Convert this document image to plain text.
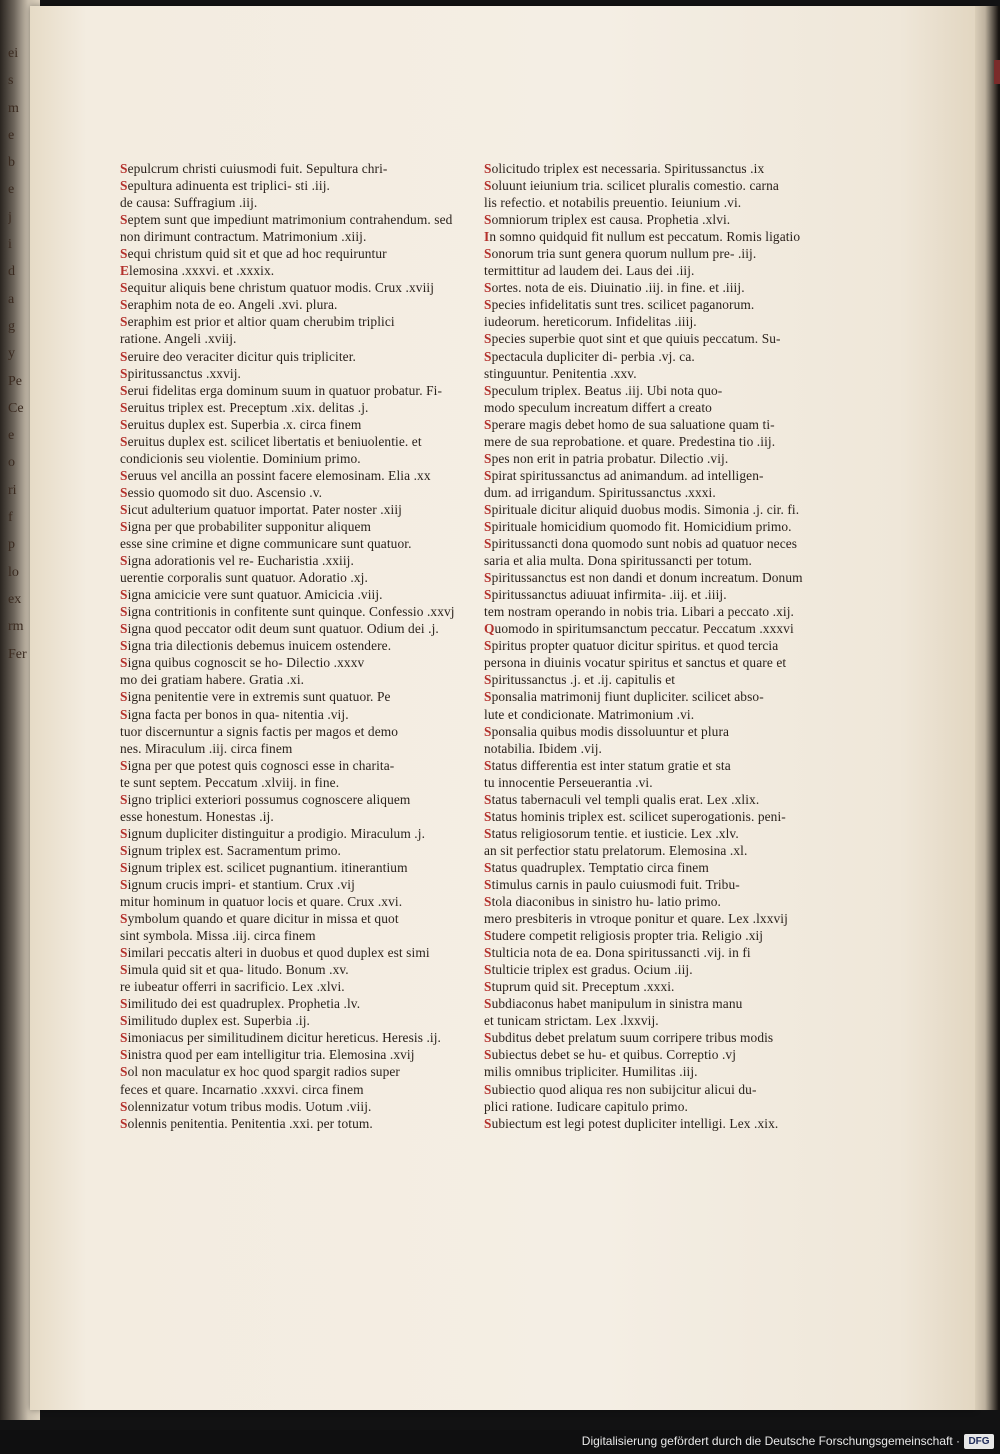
ei
s
m
e
b
e
j
i
d
a
g
y
Pe
Ce
e
o
ri
f
p
lo
ex
rm
Fer
Sepulcrum christi cuiusmodi fuit. Sepultura chri-
Sepultura adinuenta est triplici- sti .iij.
de causa: Suffragium .iij.
Septem sunt que impediunt matrimonium contrahendum. sed
non dirimunt contractum. Matrimonium .xiij.
Sequi christum quid sit et que ad hoc requiruntur
Elemosina .xxxvi. et .xxxix.
Sequitur aliquis bene christum quatuor modis. Crux .xviij
Seraphim nota de eo. Angeli .xvi. plura.
Seraphim est prior et altior quam cherubim triplici
ratione. Angeli .xviij.
Seruire deo veraciter dicitur quis tripliciter.
Spiritussanctus .xxvij.
Serui fidelitas erga dominum suum in quatuor probatur. Fi-
Seruitus triplex est. Preceptum .xix. delitas .j.
Seruitus duplex est. Superbia .x. circa finem
Seruitus duplex est. scilicet libertatis et beniuolentie. et
condicionis seu violentie. Dominium primo.
Seruus vel ancilla an possint facere elemosinam. Elia .xx
Sessio quomodo sit duo. Ascensio .v.
Sicut adulterium quatuor importat. Pater noster .xiij
Signa per que probabiliter supponitur aliquem
esse sine crimine et digne communicare sunt quatuor.
Signa adorationis vel re- Eucharistia .xxiij.
uerentie corporalis sunt quatuor. Adoratio .xj.
Signa amicicie vere sunt quatuor. Amicicia .viij.
Signa contritionis in confitente sunt quinque. Confessio .xxvj
Signa quod peccator odit deum sunt quatuor. Odium dei .j.
Signa tria dilectionis debemus inuicem ostendere.
Signa quibus cognoscit se ho- Dilectio .xxxv
mo dei gratiam habere. Gratia .xi.
Signa penitentie vere in extremis sunt quatuor. Pe
Signa facta per bonos in qua- nitentia .vij.
tuor discernuntur a signis factis per magos et demo
nes. Miraculum .iij. circa finem
Signa per que potest quis cognosci esse in charita-
te sunt septem. Peccatum .xlviij. in fine.
Signo triplici exteriori possumus cognoscere aliquem
esse honestum. Honestas .ij.
Signum dupliciter distinguitur a prodigio. Miraculum .j.
Signum triplex est. Sacramentum primo.
Signum triplex est. scilicet pugnantium. itinerantium
Signum crucis impri- et stantium. Crux .vij
mitur hominum in quatuor locis et quare. Crux .xvi.
Symbolum quando et quare dicitur in missa et quot
sint symbola. Missa .iij. circa finem
Similari peccatis alteri in duobus et quod duplex est simi
Simula quid sit et qua- litudo. Bonum .xv.
re iubeatur offerri in sacrificio. Lex .xlvi.
Similitudo dei est quadruplex. Prophetia .lv.
Similitudo duplex est. Superbia .ij.
Simoniacus per similitudinem dicitur hereticus. Heresis .ij.
Sinistra quod per eam intelligitur tria. Elemosina .xvij
Sol non maculatur ex hoc quod spargit radios super
feces et quare. Incarnatio .xxxvi. circa finem
Solennizatur votum tribus modis. Uotum .viij.
Solennis penitentia. Penitentia .xxi. per totum.
Solicitudo triplex est necessaria. Spiritussanctus .ix
Soluunt ieiunium tria. scilicet pluralis comestio. carna
lis refectio. et notabilis preuentio. Ieiunium .vi.
Somniorum triplex est causa. Prophetia .xlvi.
In somno quidquid fit nullum est peccatum. Romis ligatio
Sonorum tria sunt genera quorum nullum pre- .iij.
termittitur ad laudem dei. Laus dei .iij.
Sortes. nota de eis. Diuinatio .iij. in fine. et .iiij.
Species infidelitatis sunt tres. scilicet paganorum.
iudeorum. hereticorum. Infidelitas .iiij.
Species superbie quot sint et que quiuis peccatum. Su-
Spectacula dupliciter di- perbia .vj. ca.
stinguuntur. Penitentia .xxv.
Speculum triplex. Beatus .iij. Ubi nota quo-
modo speculum increatum differt a creato
Sperare magis debet homo de sua saluatione quam ti-
mere de sua reprobatione. et quare. Predestina tio .iij.
Spes non erit in patria probatur. Dilectio .vij.
Spirat spiritussanctus ad animandum. ad intelligen-
dum. ad irrigandum. Spiritussanctus .xxxi.
Spirituale dicitur aliquid duobus modis. Simonia .j. cir. fi.
Spirituale homicidium quomodo fit. Homicidium primo.
Spiritussancti dona quomodo sunt nobis ad quatuor neces
saria et alia multa. Dona spiritussancti per totum.
Spiritussanctus est non dandi et donum increatum. Donum
Spiritussanctus adiuuat infirmita- .iij. et .iiij.
tem nostram operando in nobis tria. Libari a peccato .xij.
Quomodo in spiritumsanctum peccatur. Peccatum .xxxvi
Spiritus propter quatuor dicitur spiritus. et quod tercia
persona in diuinis vocatur spiritus et sanctus et quare et
Spiritussanctus .j. et .ij. capitulis et
Sponsalia matrimonij fiunt dupliciter. scilicet abso-
lute et condicionate. Matrimonium .vi.
Sponsalia quibus modis dissoluuntur et plura
notabilia. Ibidem .vij.
Status differentia est inter statum gratie et sta
tu innocentie Perseuerantia .vi.
Status tabernaculi vel templi qualis erat. Lex .xlix.
Status hominis triplex est. scilicet superogationis. peni-
Status religiosorum tentie. et iusticie. Lex .xlv.
an sit perfectior statu prelatorum. Elemosina .xl.
Status quadruplex. Temptatio circa finem
Stimulus carnis in paulo cuiusmodi fuit. Tribu-
Stola diaconibus in sinistro hu- latio primo.
mero presbiteris in vtroque ponitur et quare. Lex .lxxvij
Studere competit religiosis propter tria. Religio .xij
Stulticia nota de ea. Dona spiritussancti .vij. in fi
Stulticie triplex est gradus. Ocium .iij.
Stuprum quid sit. Preceptum .xxxi.
Subdiaconus habet manipulum in sinistra manu
et tunicam strictam. Lex .lxxvij.
Subditus debet prelatum suum corripere tribus modis
Subiectus debet se hu- et quibus. Correptio .vj
milis omnibus tripliciter. Humilitas .iij.
Subiectio quod aliqua res non subijcitur alicui du-
plici ratione. Iudicare capitulo primo.
Subiectum est legi potest dupliciter intelligi. Lex .xix.
Digitalisierung gefördert durch die Deutsche Forschungsgemeinschaft · DFG
